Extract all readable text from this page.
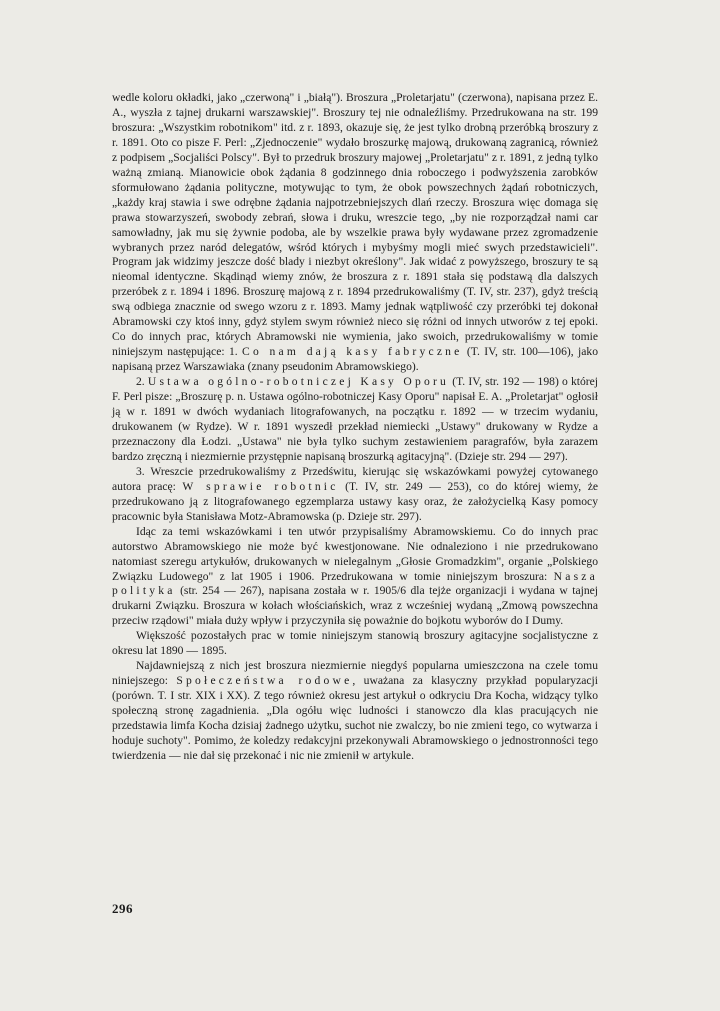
wedle koloru okładki, jako „czerwoną" i „białą"). Broszura „Proletarjatu" (czerwona), napisana przez E. A., wyszła z tajnej drukarni warszawskiej". Broszury tej nie odnaleźliśmy. Przedrukowana na str. 199 broszura: „Wszystkim robotnikom" itd. z r. 1893, okazuje się, że jest tylko drobną przeróbką broszury z r. 1891. Oto co pisze F. Perl: „Zjednoczenie" wydało broszurkę majową, drukowaną zagranicą, również z podpisem „Socjaliści Polscy". Był to przedruk broszury majowej „Proletarjatu" z r. 1891, z jedną tylko ważną zmianą. Mianowicie obok żądania 8 godzinnego dnia roboczego i podwyższenia zarobków sformułowano żądania polityczne, motywując to tym, że obok powszechnych żądań robotniczych, „każdy kraj stawia i swe odrębne żądania najpotrzebniejszych dlań rzeczy. Broszura więc domaga się prawa stowarzyszeń, swobody zebrań, słowa i druku, wreszcie tego, „by nie rozporządzał nami car samowładny, jak mu się żywnie podoba, ale by wszelkie prawa były wydawane przez zgromadzenie wybranych przez naród delegatów, wśród których i mybyśmy mogli mieć swych przedstawicieli". Program jak widzimy jeszcze dość blady i niezbyt określony". Jak widać z powyższego, broszury te są nieomal identyczne. Skądinąd wiemy znów, że broszura z r. 1891 stała się podstawą dla dalszych przeróbek z r. 1894 i 1896. Broszurę majową z r. 1894 przedrukowaliśmy (T. IV, str. 237), gdyż treścią swą odbiega znacznie od swego wzoru z r. 1893. Mamy jednak wątpliwość czy przeróbki tej dokonał Abramowski czy ktoś inny, gdyż stylem swym również nieco się różni od innych utworów z tej epoki. Co do innych prac, których Abramowski nie wymienia, jako swoich, przedrukowaliśmy w tomie niniejszym następujące: 1. Co nam dają kasy fabryczne (T. IV, str. 100—106), jako napisaną przez Warszawiaka (znany pseudonim Abramowskiego).

2. Ustawa ogólno-robotniczej Kasy Oporu (T. IV, str. 192 — 198) o której F. Perl pisze: „Broszurę p. n. Ustawa ogólno-robotniczej Kasy Oporu" napisał E. A. „Proletarjat" ogłosił ją w r. 1891 w dwóch wydaniach litografowanych, na początku r. 1892 — w trzecim wydaniu, drukowanem (w Rydze). W r. 1891 wyszedł przekład niemiecki „Ustawy" drukowany w Rydze a przeznaczony dla Łodzi. „Ustawa" nie była tylko suchym zestawieniem paragrafów, była zarazem bardzo zręczną i niezmiernie przystępnie napisaną broszurką agitacyjną". (Dzieje str. 294 — 297).

3. Wreszcie przedrukowaliśmy z Przedświtu, kierując się wskazówkami powyżej cytowanego autora pracę: W sprawie robotnic (T. IV, str. 249 — 253), co do której wiemy, że przedrukowano ją z litografowanego egzemplarza ustawy kasy oraz, że założycielką Kasy pomocy pracownic była Stanisława Motz-Abramowska (p. Dzieje str. 297).

Idąc za temi wskazówkami i ten utwór przypisaliśmy Abramowskiemu. Co do innych prac autorstwo Abramowskiego nie może być kwestjonowane. Nie odnaleziono i nie przedrukowano natomiast szeregu artykułów, drukowanych w nielegalnym „Głosie Gromadzkim", organie „Polskiego Związku Ludowego" z lat 1905 i 1906. Przedrukowana w tomie niniejszym broszura: Nasza polityka (str. 254 — 267), napisana została w r. 1905/6 dla tejże organizacji i wydana w tajnej drukarni Związku. Broszura w kołach włościańskich, wraz z wcześniej wydaną „Zmową powszechna przeciw rządowi" miała duży wpływ i przyczyniła się poważnie do bojkotu wyborów do I Dumy.

Większość pozostałych prac w tomie niniejszym stanowią broszury agitacyjne socjalistyczne z okresu lat 1890 — 1895.

Najdawniejszą z nich jest broszura niezmiernie niegdyś popularna umieszczona na czele tomu niniejszego: Społeczeństwa rodowe, uważana za klasyczny przykład popularyzacji (porówn. T. I str. XIX i XX). Z tego również okresu jest artykuł o odkryciu Dra Kocha, widzący tylko społeczną stronę zagadnienia. „Dla ogółu więc ludności i stanowczo dla klas pracujących nie przedstawia limfa Kocha dzisiaj żadnego użytku, suchot nie zwalczy, bo nie zmieni tego, co wytwarza i hoduje suchoty". Pomimo, że koledzy redakcyjni przekonywali Abramowskiego o jednostronności tego twierdzenia — nie dał się przekonać i nic nie zmienił w artykule.

296
